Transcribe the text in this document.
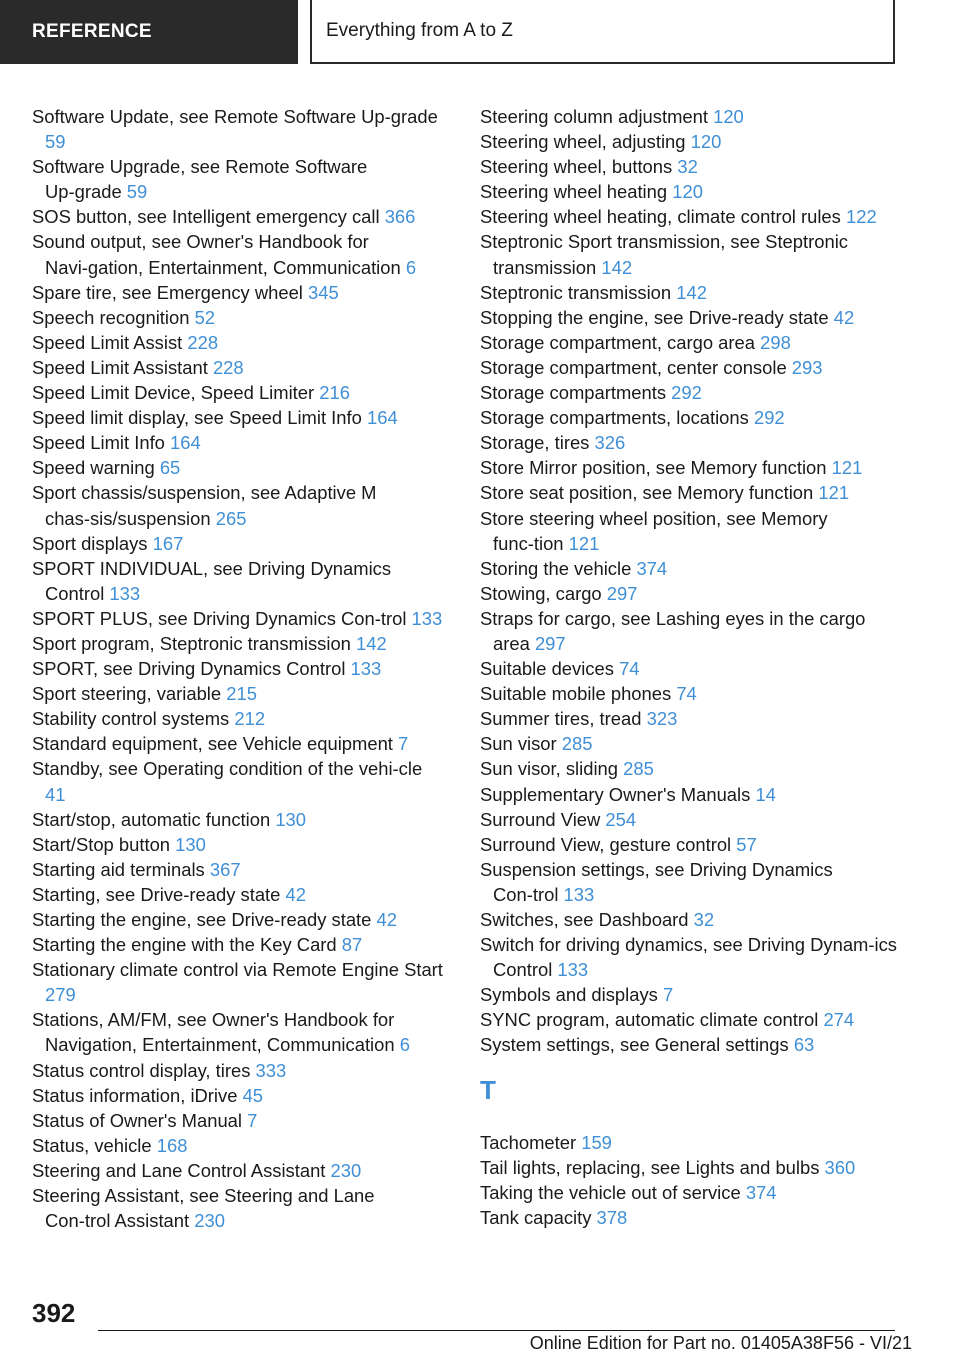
REFERENCE	Everything from A to Z

Software Update, see Remote Software Up‑grade 59

Software Upgrade, see Remote Software Up‑grade 59

SOS button, see Intelligent emergency call 366

Sound output, see Owner's Handbook for Navi‑gation, Entertainment, Communication 6

Spare tire, see Emergency wheel 345

Speech recognition 52

Speed Limit Assist 228

Speed Limit Assistant 228

Speed Limit Device, Speed Limiter 216

Speed limit display, see Speed Limit Info 164

Speed Limit Info 164

Speed warning 65

Sport chassis/suspension, see Adaptive M chas‑sis/suspension 265

Sport displays 167

SPORT INDIVIDUAL, see Driving Dynamics Control 133

SPORT PLUS, see Driving Dynamics Con‑trol 133

Sport program, Steptronic transmission 142

SPORT, see Driving Dynamics Control 133

Sport steering, variable 215

Stability control systems 212

Standard equipment, see Vehicle equipment 7

Standby, see Operating condition of the vehi‑cle 41

Start/stop, automatic function 130

Start/Stop button 130

Starting aid terminals 367

Starting, see Drive-ready state 42

Starting the engine, see Drive-ready state 42

Starting the engine with the Key Card 87

Stationary climate control via Remote Engine Start 279

Stations, AM/FM, see Owner's Handbook for Navigation, Entertainment, Communication 6

Status control display, tires 333

Status information, iDrive 45

Status of Owner's Manual 7

Status, vehicle 168

Steering and Lane Control Assistant 230

Steering Assistant, see Steering and Lane Con‑trol Assistant 230

Steering column adjustment 120

Steering wheel, adjusting 120

Steering wheel, buttons 32

Steering wheel heating 120

Steering wheel heating, climate control rules 122

Steptronic Sport transmission, see Steptronic transmission 142

Steptronic transmission 142

Stopping the engine, see Drive-ready state 42

Storage compartment, cargo area 298

Storage compartment, center console 293

Storage compartments 292

Storage compartments, locations 292

Storage, tires 326

Store Mirror position, see Memory function 121

Store seat position, see Memory function 121

Store steering wheel position, see Memory func‑tion 121

Storing the vehicle 374

Stowing, cargo 297

Straps for cargo, see Lashing eyes in the cargo area 297

Suitable devices 74

Suitable mobile phones 74

Summer tires, tread 323

Sun visor 285

Sun visor, sliding 285

Supplementary Owner's Manuals 14

Surround View 254

Surround View, gesture control 57

Suspension settings, see Driving Dynamics Con‑trol 133

Switches, see Dashboard 32

Switch for driving dynamics, see Driving Dynam‑ics Control 133

Symbols and displays 7

SYNC program, automatic climate control 274

System settings, see General settings 63

T

Tachometer 159

Tail lights, replacing, see Lights and bulbs 360

Taking the vehicle out of service 374

Tank capacity 378

392
Online Edition for Part no. 01405A38F56 - VI/21
